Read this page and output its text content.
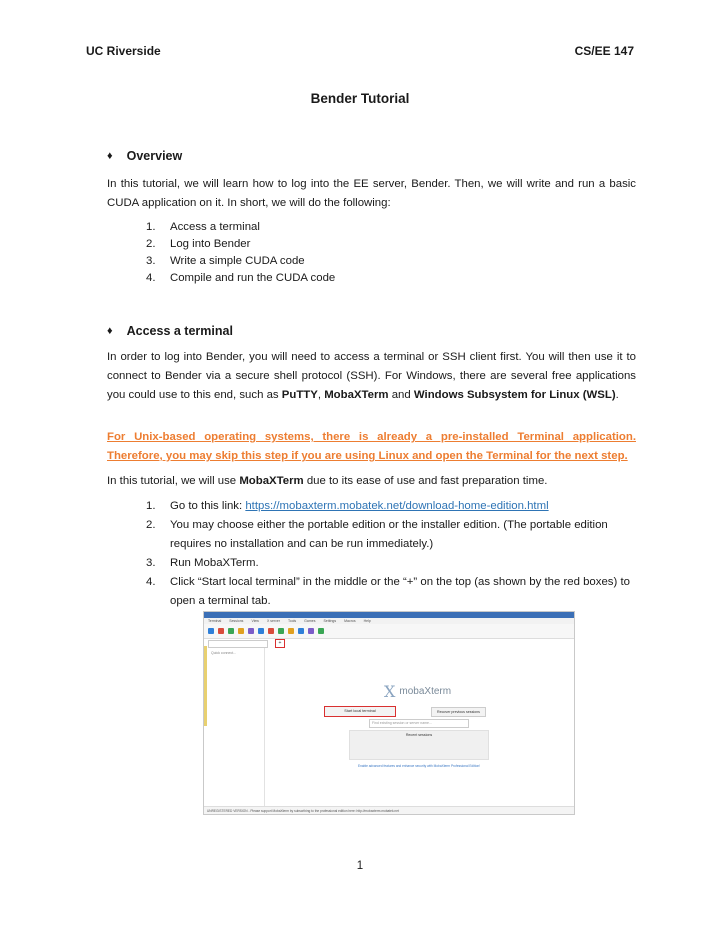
UC Riverside	CS/EE 147
Bender Tutorial
♦ Overview
In this tutorial, we will learn how to log into the EE server, Bender. Then, we will write and run a basic CUDA application on it. In short, we will do the following:
1. Access a terminal
2. Log into Bender
3. Write a simple CUDA code
4. Compile and run the CUDA code
♦ Access a terminal
In order to log into Bender, you will need to access a terminal or SSH client first. You will then use it to connect to Bender via a secure shell protocol (SSH). For Windows, there are several free applications you could use to this end, such as PuTTY, MobaXTerm and Windows Subsystem for Linux (WSL).
For Unix-based operating systems, there is already a pre-installed Terminal application. Therefore, you may skip this step if you are using Linux and open the Terminal for the next step.
In this tutorial, we will use MobaXTerm due to its ease of use and fast preparation time.
1. Go to this link: https://mobaxterm.mobatek.net/download-home-edition.html
2. You may choose either the portable edition or the installer edition. (The portable edition requires no installation and can be run immediately.)
3. Run MobaXTerm.
4. Click “Start local terminal” in the middle or the “+” on the top (as shown by the red boxes) to open a terminal tab.
Terminal Sessions View X server Tools Games Settings Macros Help
Quick connect...
+
X mobaXterm
Start local terminal	Recover previous sessions
Find existing session or server name...
Recent sessions
Enable advanced features and enhance security with MobaXterm Professional Edition!
UNREGISTERED VERSION - Please support MobaXterm by subscribing to the professional edition here: http://mobaxterm.mobatek.net
1
